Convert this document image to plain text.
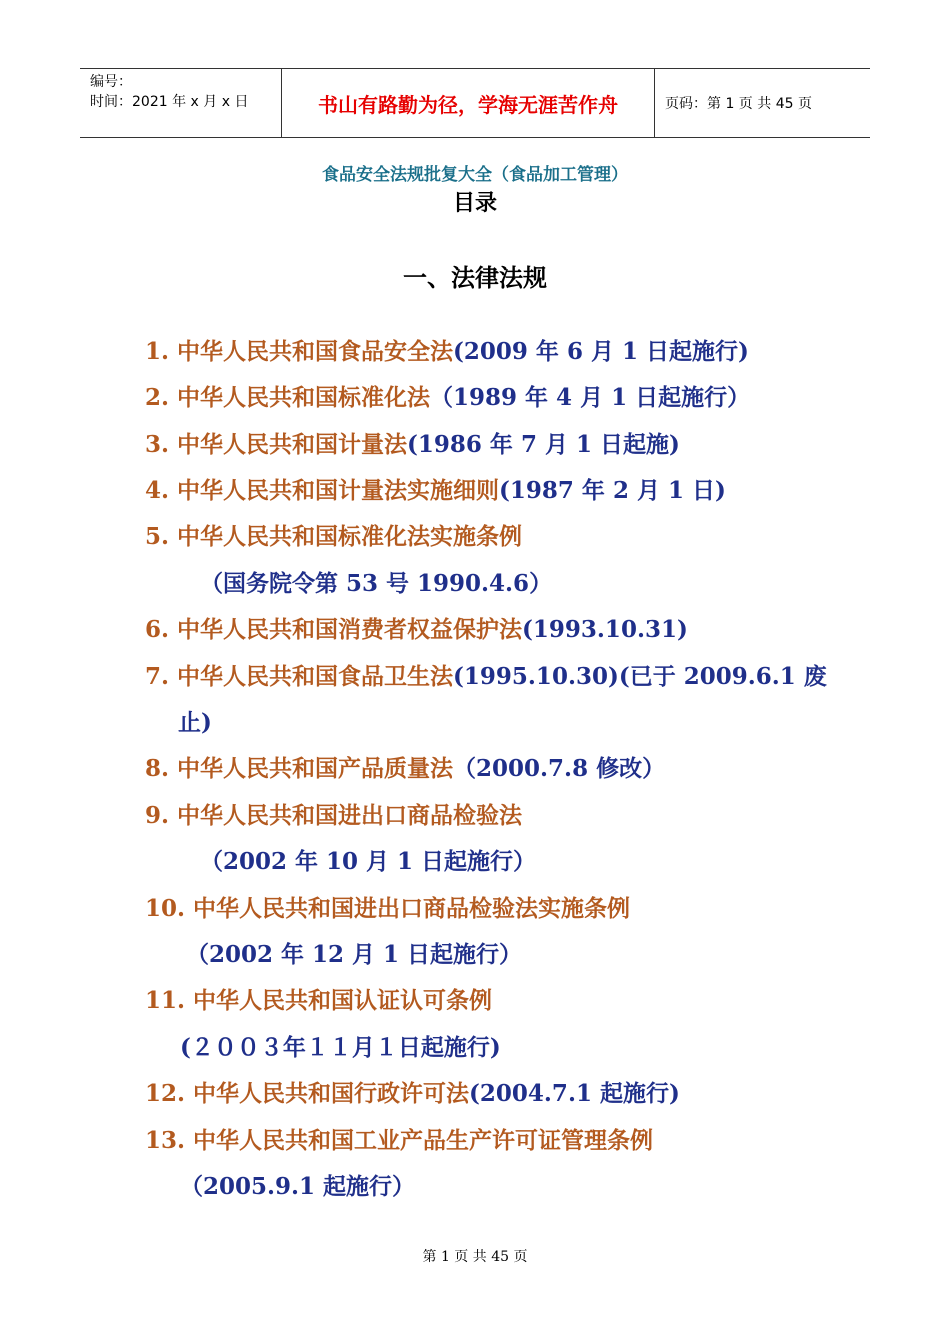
编号：
时间：2021 年 x 月 x 日	书山有路勤为径，学海无涯苦作舟	页码：第 1 页 共 45 页
食品安全法规批复大全（食品加工管理）
目录
一、法律法规
1. 中华人民共和国食品安全法(2009 年 6 月 1 日起施行)
2. 中华人民共和国标准化法（1989 年 4 月 1 日起施行）
3. 中华人民共和国计量法(1986 年 7 月 1 日起施)
4. 中华人民共和国计量法实施细则(1987 年 2 月 1 日)
5. 中华人民共和国标准化法实施条例
（国务院令第 53 号 1990.4.6）
6. 中华人民共和国消费者权益保护法(1993.10.31)
7. 中华人民共和国食品卫生法(1995.10.30)(已于 2009.6.1 废
止)
8. 中华人民共和国产品质量法（2000.7.8 修改）
9. 中华人民共和国进出口商品检验法
（2002 年 10 月 1 日起施行）
10. 中华人民共和国进出口商品检验法实施条例
（2002 年 12 月 1 日起施行）
11. 中华人民共和国认证认可条例
(２００３年１１月１日起施行)
12. 中华人民共和国行政许可法(2004.7.1 起施行)
13. 中华人民共和国工业产品生产许可证管理条例
（2005.9.1 起施行）
第 1 页 共 45 页
